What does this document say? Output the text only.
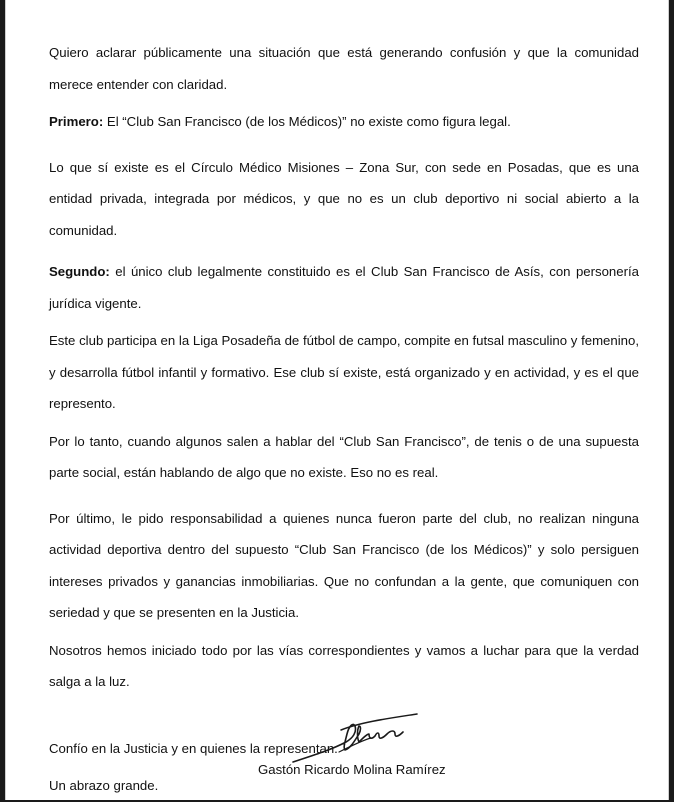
Quiero aclarar públicamente una situación que está generando confusión y que la comunidad merece entender con claridad.

Primero: El “Club San Francisco (de los Médicos)” no existe como figura legal.

Lo que sí existe es el Círculo Médico Misiones – Zona Sur, con sede en Posadas, que es una entidad privada, integrada por médicos, y que no es un club deportivo ni social abierto a la comunidad.

Segundo: el único club legalmente constituido es el Club San Francisco de Asís, con personería jurídica vigente.

Este club participa en la Liga Posadeña de fútbol de campo, compite en futsal masculino y femenino, y desarrolla fútbol infantil y formativo. Ese club sí existe, está organizado y en actividad, y es el que represento.

Por lo tanto, cuando algunos salen a hablar del “Club San Francisco”, de tenis o de una supuesta parte social, están hablando de algo que no existe. Eso no es real.

Por último, le pido responsabilidad a quienes nunca fueron parte del club, no realizan ninguna actividad deportiva dentro del supuesto “Club San Francisco (de los Médicos)” y solo persiguen intereses privados y ganancias inmobiliarias. Que no confundan a la gente, que comuniquen con seriedad y que se presenten en la Justicia.

Nosotros hemos iniciado todo por las vías correspondientes y vamos a luchar para que la verdad salga a la luz.

Confío en la Justicia y en quienes la representan.

Un abrazo grande.

Gastón Ricardo Molina Ramírez
